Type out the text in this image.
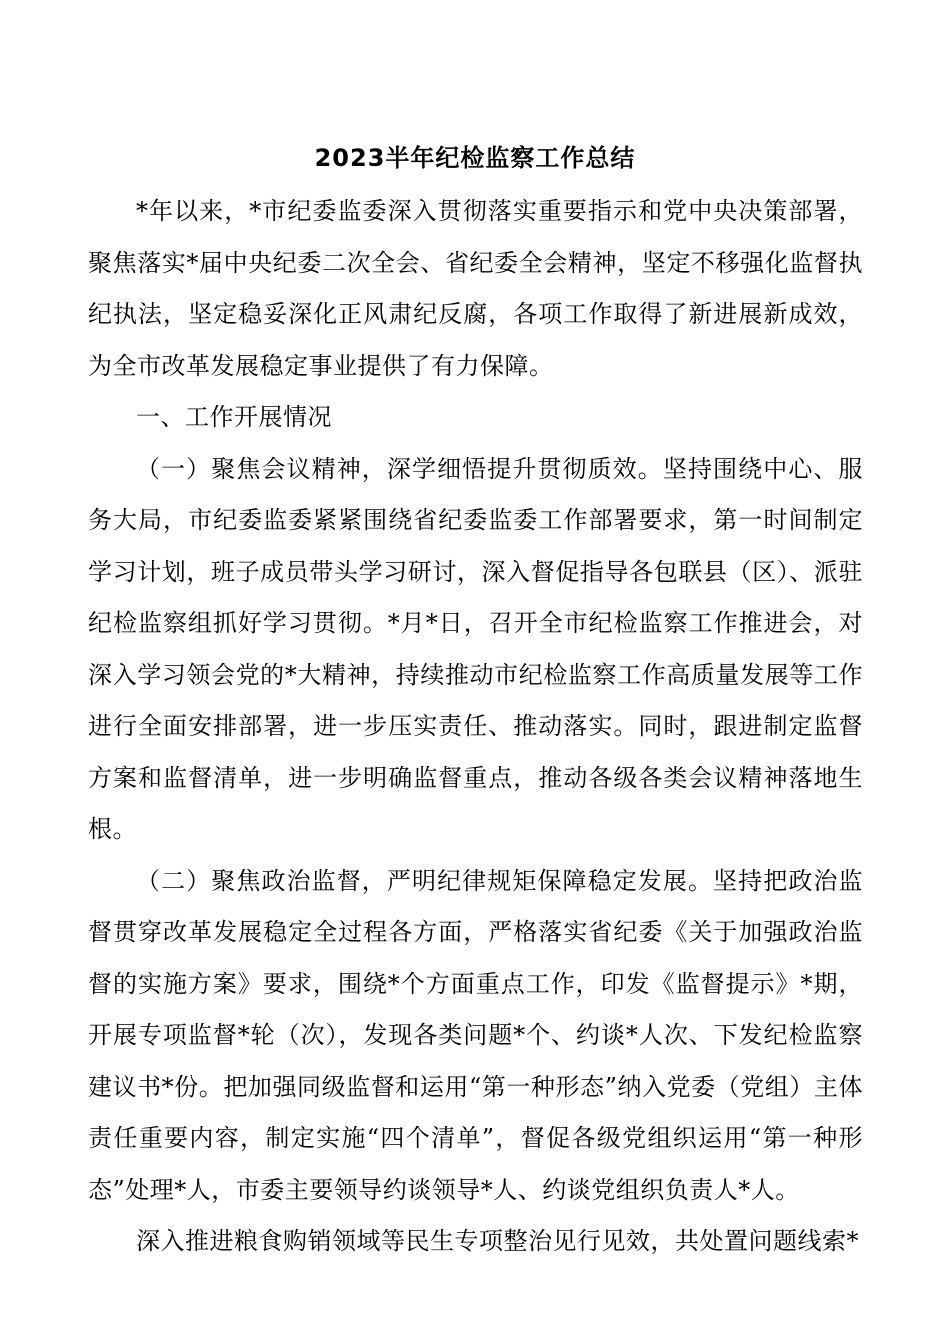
2023半年纪检监察工作总结

*年以来，*市纪委监委深入贯彻落实重要指示和党中央决策部署，聚焦落实*届中央纪委二次全会、省纪委全会精神，坚定不移强化监督执纪执法，坚定稳妥深化正风肃纪反腐，各项工作取得了新进展新成效，为全市改革发展稳定事业提供了有力保障。

一、工作开展情况

（一）聚焦会议精神，深学细悟提升贯彻质效。坚持围绕中心、服务大局，市纪委监委紧紧围绕省纪委监委工作部署要求，第一时间制定学习计划，班子成员带头学习研讨，深入督促指导各包联县（区）、派驻纪检监察组抓好学习贯彻。*月*日，召开全市纪检监察工作推进会，对深入学习领会党的*大精神，持续推动市纪检监察工作高质量发展等工作进行全面安排部署，进一步压实责任、推动落实。同时，跟进制定监督方案和监督清单，进一步明确监督重点，推动各级各类会议精神落地生根。

（二）聚焦政治监督，严明纪律规矩保障稳定发展。坚持把政治监督贯穿改革发展稳定全过程各方面，严格落实省纪委《关于加强政治监督的实施方案》要求，围绕*个方面重点工作，印发《监督提示》*期，开展专项监督*轮（次），发现各类问题*个、约谈*人次、下发纪检监察建议书*份。把加强同级监督和运用“第一种形态”纳入党委（党组）主体责任重要内容，制定实施“四个清单”，督促各级党组织运用“第一种形态”处理*人，市委主要领导约谈领导*人、约谈党组织负责人*人。

深入推进粮食购销领域等民生专项整治见行见效，共处置问题线索*
